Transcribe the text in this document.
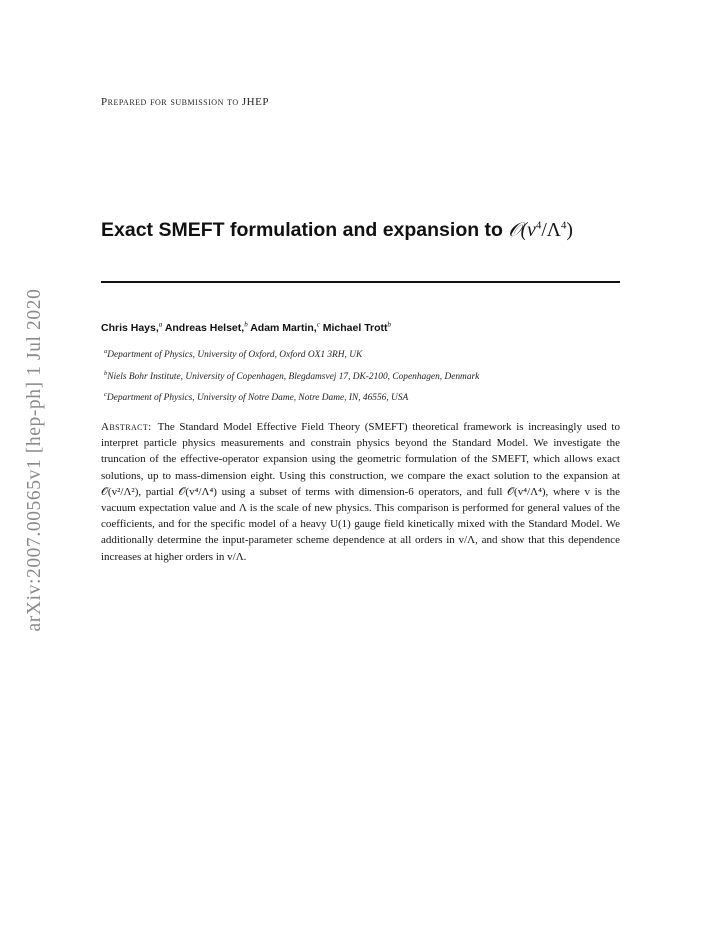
arXiv:2007.00565v1 [hep-ph] 1 Jul 2020
Prepared for submission to JHEP
Exact SMEFT formulation and expansion to $𝒪(v^4/\Lambda^4)$
Chris Hays,$^a$ Andreas Helset,$^b$ Adam Martin,$^c$ Michael Trott$^b$
$^a$Department of Physics, University of Oxford, Oxford OX1 3RH, UK
$^b$Niels Bohr Institute, University of Copenhagen, Blegdamsvej 17, DK-2100, Copenhagen, Denmark
$^c$Department of Physics, University of Notre Dame, Notre Dame, IN, 46556, USA
Abstract: The Standard Model Effective Field Theory (SMEFT) theoretical framework is increasingly used to interpret particle physics measurements and constrain physics beyond the Standard Model. We investigate the truncation of the effective-operator expansion using the geometric formulation of the SMEFT, which allows exact solutions, up to mass-dimension eight. Using this construction, we compare the exact solution to the expansion at 𝒪(v²/Λ²), partial 𝒪(v⁴/Λ⁴) using a subset of terms with dimension-6 operators, and full 𝒪(v⁴/Λ⁴), where v is the vacuum expectation value and Λ is the scale of new physics. This comparison is performed for general values of the coefficients, and for the specific model of a heavy U(1) gauge field kinetically mixed with the Standard Model. We additionally determine the input-parameter scheme dependence at all orders in v/Λ, and show that this dependence increases at higher orders in v/Λ.
